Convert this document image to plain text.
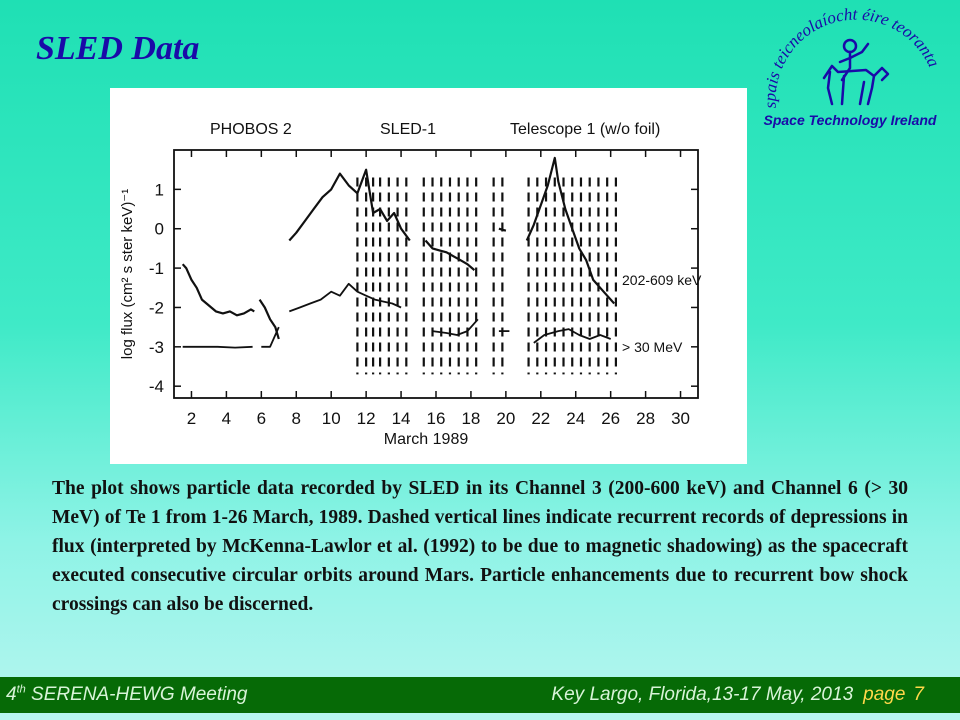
SLED Data
spais teicneolaíocht éire teoranta
Space Technology Ireland
PHOBOS 2	SLED-1	Telescope 1 (w/o foil)
2 4 6 8 10 12 14 16 18 20 22 24 26 28 30
1
0
-1
-2
-3
-4
March 1989
log flux (cm² s ster keV)⁻¹	202-609 keV
> 30 MeV
The plot shows particle data recorded by SLED in its Channel 3 (200-600 keV) and Channel 6 (> 30 MeV) of Te 1 from 1-26 March, 1989. Dashed vertical lines indicate recurrent records of depressions in flux (interpreted by McKenna-Lawlor et al. (1992) to be due to magnetic shadowing) as the spacecraft executed consecutive circular orbits around Mars. Particle enhancements due to recurrent bow shock crossings can also be discerned.
4th SERENA-HEWG Meeting	Key Largo, Florida,13-17 May, 2013 page 7
